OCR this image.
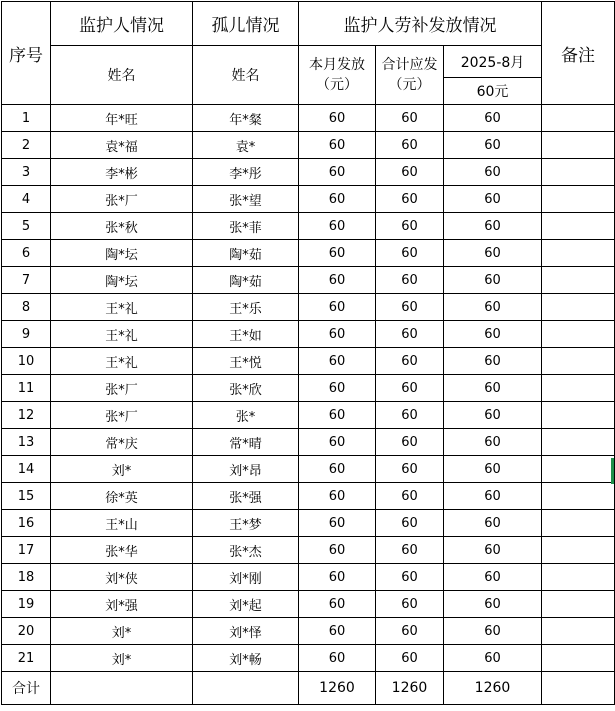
序号	监护人情况	孤儿情况	监护人劳补发放情况			备注
	姓名	姓名	本月发放（元）	合计应发（元）	2025-8月	
					60元	
1	年*旺	年*粲	60	60	60	
2	袁*福	袁*	60	60	60	
3	李*彬	李*彤	60	60	60	
4	张*厂	张*望	60	60	60	
5	张*秋	张*菲	60	60	60	
6	陶*坛	陶*茹	60	60	60	
7	陶*坛	陶*茹	60	60	60	
8	王*礼	王*乐	60	60	60	
9	王*礼	王*如	60	60	60	
10	王*礼	王*悦	60	60	60	
11	张*厂	张*欣	60	60	60	
12	张*厂	张*	60	60	60	
13	常*庆	常*晴	60	60	60	
14	刘*	刘*昂	60	60	60	
15	徐*英	张*强	60	60	60	
16	王*山	王*梦	60	60	60	
17	张*华	张*杰	60	60	60	
18	刘*侠	刘*刚	60	60	60	
19	刘*强	刘*起	60	60	60	
20	刘*	刘*怿	60	60	60	
21	刘*	刘*畅	60	60	60	
合计			1260	1260	1260	
